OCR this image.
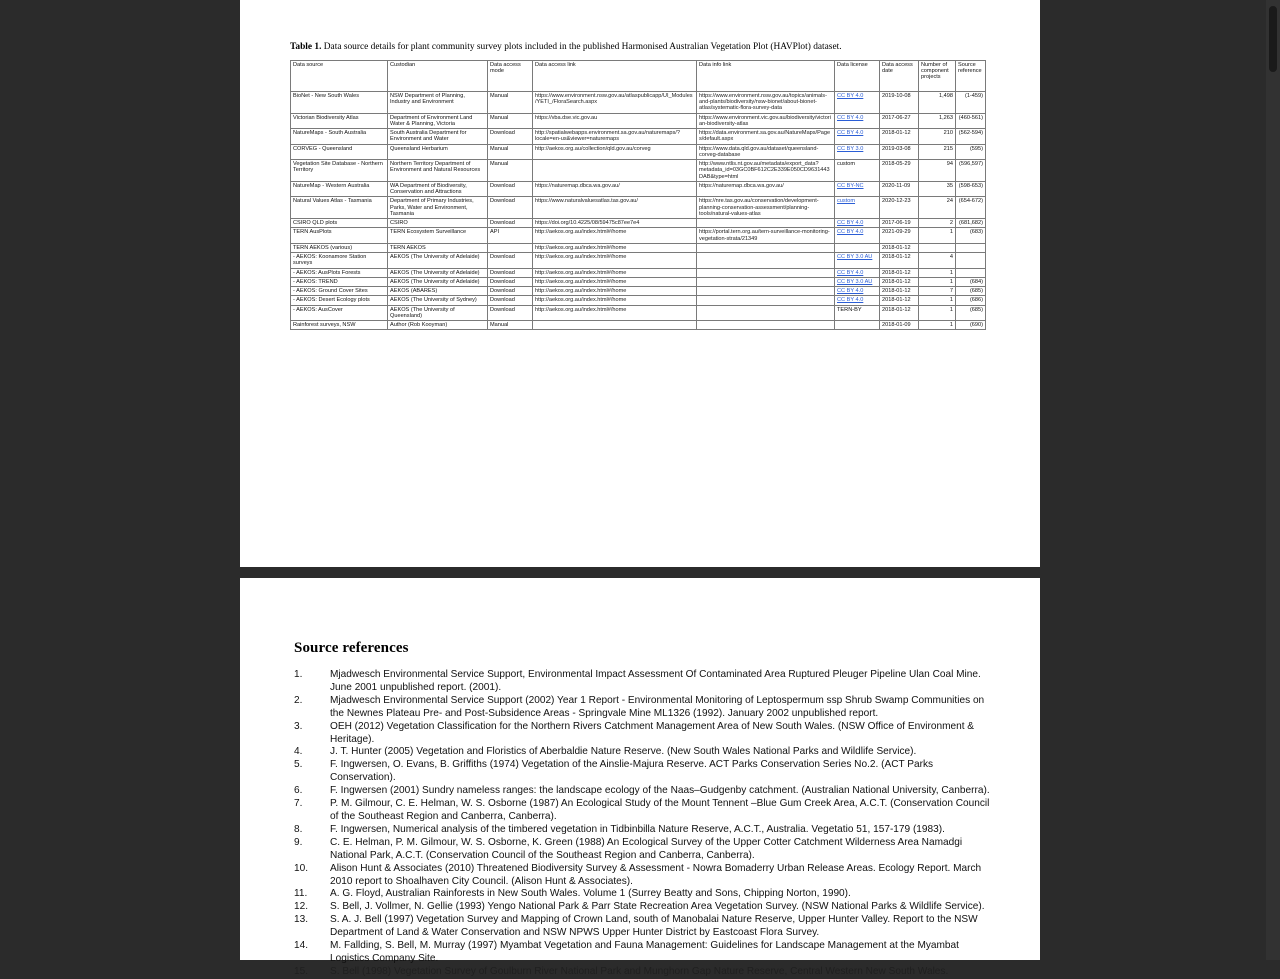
Table 1. Data source details for plant community survey plots included in the published Harmonised Australian Vegetation Plot (HAVPlot) dataset.
Data source	Custodian	Data access mode	Data access link	Data info link	Data license	Data access date	Number of component projects	Source reference
BioNet - New South Wales	NSW Department of Planning, Industry and Environment	Manual	https://www.environment.nsw.gov.au/atlaspublicapp/UI_Modules/YETI_/FloraSearch.aspx	https://www.environment.nsw.gov.au/topics/animals-and-plants/biodiversity/nsw-bionet/about-bionet-atlas/systematic-flora-survey-data	CC BY 4.0	2019-10-08	1,498	(1-459)
Victorian Biodiversity Atlas	Department of Environment Land Water & Planning, Victoria	Manual	https://vba.dse.vic.gov.au	https://www.environment.vic.gov.au/biodiversity/victorian-biodiversity-atlas	CC BY 4.0	2017-06-27	1,263	(460-561)
NatureMaps - South Australia	South Australia Department for Environment and Water	Download	http://spatialwebapps.environment.sa.gov.au/naturemaps/?locale=en-us&viewer=naturemaps	https://data.environment.sa.gov.au/NatureMaps/Pages/default.aspx	CC BY 4.0	2018-01-12	210	(562-594)
CORVEG - Queensland	Queensland Herbarium	Manual	http://aekos.org.au/collection/qld.gov.au/corveg	https://www.data.qld.gov.au/dataset/queensland-corveg-database	CC BY 3.0	2019-03-08	215	(595)
Vegetation Site Database - Northern Territory	Northern Territory Department of Environment and Natural Resources	Manual		http://www.ntlis.nt.gov.au/metadata/export_data?metadata_id=03GC0BF612C2E339E050CD9631443DAB&type=html	custom	2018-05-29	94	(596,597)
NatureMap - Western Australia	WA Department of Biodiversity, Conservation and Attractions	Download	https://naturemap.dbca.wa.gov.au/	https://naturemap.dbca.wa.gov.au/	CC BY-NC	2020-11-09	35	(598-653)
Natural Values Atlas - Tasmania	Department of Primary Industries, Parks, Water and Environment, Tasmania	Download	https://www.naturalvaluesatlas.tas.gov.au/	https://nre.tas.gov.au/conservation/development-planning-conservation-assessment/planning-tools/natural-values-atlas	custom	2020-12-23	24	(654-672)
CSIRO QLD plots	CSIRO	Download	https://doi.org/10.4225/08/59475c87ee7e4		CC BY 4.0	2017-06-19	2	(681,682)
TERN AusPlots	TERN Ecosystem Surveillance	API	http://aekos.org.au/index.html#/home	https://portal.tern.org.au/tern-surveillance-monitoring-vegetation-strata/21349	CC BY 4.0	2021-09-29	1	(683)
TERN AEKOS (various)	TERN AEKOS		http://aekos.org.au/index.html#/home			2018-01-12		
- AEKOS: Koonamore Station surveys	AEKOS (The University of Adelaide)	Download	http://aekos.org.au/index.html#/home		CC BY 3.0 AU	2018-01-12	4	
- AEKOS: AusPlots Forests	AEKOS (The University of Adelaide)	Download	http://aekos.org.au/index.html#/home		CC BY 4.0	2018-01-12	1	
- AEKOS: TREND	AEKOS (The University of Adelaide)	Download	http://aekos.org.au/index.html#/home		CC BY 3.0 AU	2018-01-12	1	(684)
- AEKOS: Ground Cover Sites	AEKOS (ABARES)	Download	http://aekos.org.au/index.html#/home		CC BY 4.0	2018-01-12	7	(685)
- AEKOS: Desert Ecology plots	AEKOS (The University of Sydney)	Download	http://aekos.org.au/index.html#/home		CC BY 4.0	2018-01-12	1	(686)
- AEKOS: AusCover	AEKOS (The University of Queensland)	Download	http://aekos.org.au/index.html#/home		TERN-BY	2018-01-12	1	(685)
Rainforest surveys, NSW	Author (Rob Kooyman)	Manual				2018-01-09	1	(690)
Source references
1.	Mjadwesch Environmental Service Support, Environmental Impact Assessment Of Contaminated Area Ruptured Pleuger Pipeline Ulan Coal Mine. June 2001 unpublished report. (2001).
2.	Mjadwesch Environmental Service Support (2002) Year 1 Report - Environmental Monitoring of Leptospermum ssp Shrub Swamp Communities on the Newnes Plateau Pre- and Post-Subsidence Areas - Springvale Mine ML1326 (1992). January 2002 unpublished report.
3.	OEH (2012) Vegetation Classification for the Northern Rivers Catchment Management Area of New South Wales. (NSW Office of Environment & Heritage).
4.	J. T. Hunter (2005) Vegetation and Floristics of Aberbaldie Nature Reserve. (New South Wales National Parks and Wildlife Service).
5.	F. Ingwersen, O. Evans, B. Griffiths (1974) Vegetation of the Ainslie-Majura Reserve. ACT Parks Conservation Series No.2. (ACT Parks Conservation).
6.	F. Ingwersen (2001) Sundry nameless ranges: the landscape ecology of the Naas–Gudgenby catchment. (Australian National University, Canberra).
7.	P. M. Gilmour, C. E. Helman, W. S. Osborne (1987) An Ecological Study of the Mount Tennent –Blue Gum Creek Area, A.C.T. (Conservation Council of the Southeast Region and Canberra, Canberra).
8.	F. Ingwersen, Numerical analysis of the timbered vegetation in Tidbinbilla Nature Reserve, A.C.T., Australia. Vegetatio 51, 157-179 (1983).
9.	C. E. Helman, P. M. Gilmour, W. S. Osborne, K. Green (1988) An Ecological Survey of the Upper Cotter Catchment Wilderness Area Namadgi National Park, A.C.T. (Conservation Council of the Southeast Region and Canberra, Canberra).
10.	Alison Hunt & Associates (2010) Threatened Biodiversity Survey & Assessment - Nowra Bomaderry Urban Release Areas. Ecology Report. March 2010 report to Shoalhaven City Council. (Alison Hunt & Associates).
11.	A. G. Floyd, Australian Rainforests in New South Wales. Volume 1 (Surrey Beatty and Sons, Chipping Norton, 1990).
12.	S. Bell, J. Vollmer, N. Gellie (1993) Yengo National Park & Parr State Recreation Area Vegetation Survey. (NSW National Parks & Wildlife Service).
13.	S. A. J. Bell (1997) Vegetation Survey and Mapping of Crown Land, south of Manobalai Nature Reserve, Upper Hunter Valley. Report to the NSW Department of Land & Water Conservation and NSW NPWS Upper Hunter District by Eastcoast Flora Survey.
14.	M. Fallding, S. Bell, M. Murray (1997) Myambat Vegetation and Fauna Management: Guidelines for Landscape Management at the Myambat Logistics Company Site.
15.	S. Bell (1998) Vegetation Survey of Goulburn River National Park and Munghorn Gap Nature Reserve, Central Western New South Wales.
